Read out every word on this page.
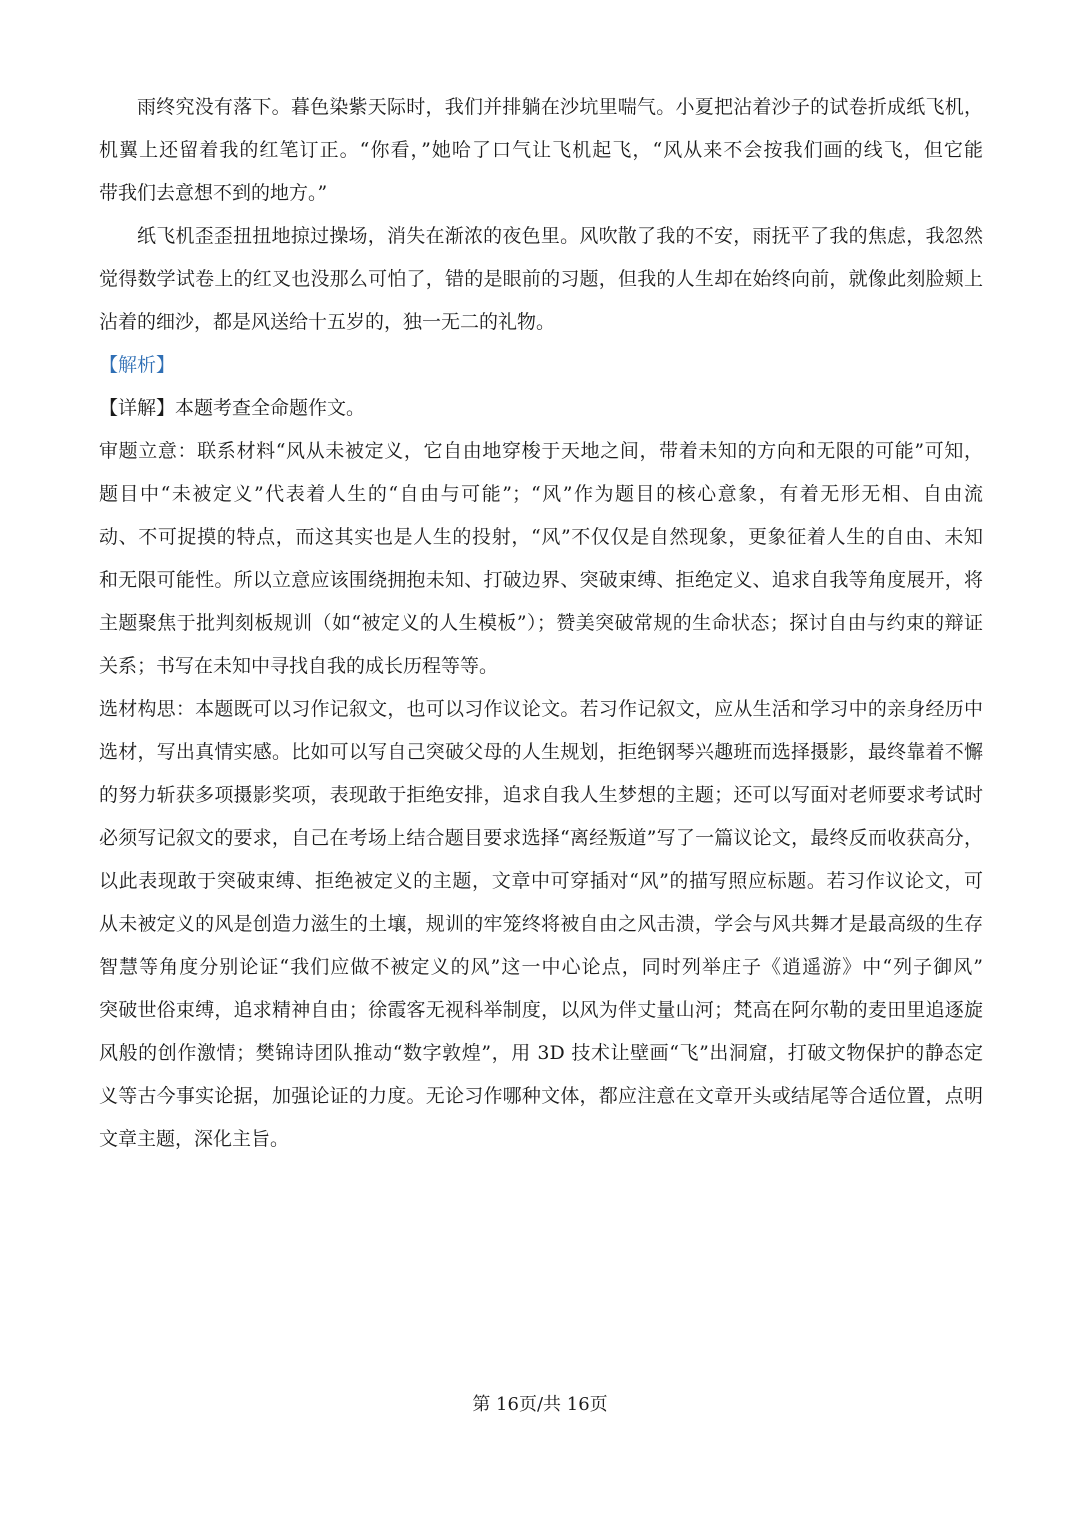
雨终究没有落下。暮色染紫天际时，我们并排躺在沙坑里喘气。小夏把沾着沙子的试卷折成纸飞机，
机翼上还留着我的红笔订正。“你看，”她哈了口气让飞机起飞，“风从来不会按我们画的线飞，但它能
带我们去意想不到的地方。”
纸飞机歪歪扭扭地掠过操场，消失在渐浓的夜色里。风吹散了我的不安，雨抚平了我的焦虑，我忽然
觉得数学试卷上的红叉也没那么可怕了，错的是眼前的习题，但我的人生却在始终向前，就像此刻脸颊上
沾着的细沙，都是风送给十五岁的，独一无二的礼物。
【解析】
【详解】本题考查全命题作文。
审题立意：联系材料“风从未被定义，它自由地穿梭于天地之间，带着未知的方向和无限的可能”可知，
题目中“未被定义”代表着人生的“自由与可能”；“风”作为题目的核心意象，有着无形无相、自由流
动、不可捉摸的特点，而这其实也是人生的投射，“风”不仅仅是自然现象，更象征着人生的自由、未知
和无限可能性。所以立意应该围绕拥抱未知、打破边界、突破束缚、拒绝定义、追求自我等角度展开，将
主题聚焦于批判刻板规训（如“被定义的人生模板”）；赞美突破常规的生命状态；探讨自由与约束的辩证
关系；书写在未知中寻找自我的成长历程等等。
选材构思：本题既可以习作记叙文，也可以习作议论文。若习作记叙文，应从生活和学习中的亲身经历中
选材，写出真情实感。比如可以写自己突破父母的人生规划，拒绝钢琴兴趣班而选择摄影，最终靠着不懈
的努力斩获多项摄影奖项，表现敢于拒绝安排，追求自我人生梦想的主题；还可以写面对老师要求考试时
必须写记叙文的要求，自己在考场上结合题目要求选择“离经叛道”写了一篇议论文，最终反而收获高分，
以此表现敢于突破束缚、拒绝被定义的主题，文章中可穿插对“风”的描写照应标题。若习作议论文，可
从未被定义的风是创造力滋生的土壤，规训的牢笼终将被自由之风击溃，学会与风共舞才是最高级的生存
智慧等角度分别论证“我们应做不被定义的风”这一中心论点，同时列举庄子《逍遥游》中“列子御风”
突破世俗束缚，追求精神自由；徐霞客无视科举制度，以风为伴丈量山河；梵高在阿尔勒的麦田里追逐旋
风般的创作激情；樊锦诗团队推动“数字敦煌”，用 3D 技术让壁画“飞”出洞窟，打破文物保护的静态定
义等古今事实论据，加强论证的力度。无论习作哪种文体，都应注意在文章开头或结尾等合适位置，点明
文章主题，深化主旨。
第 16页/共 16页
